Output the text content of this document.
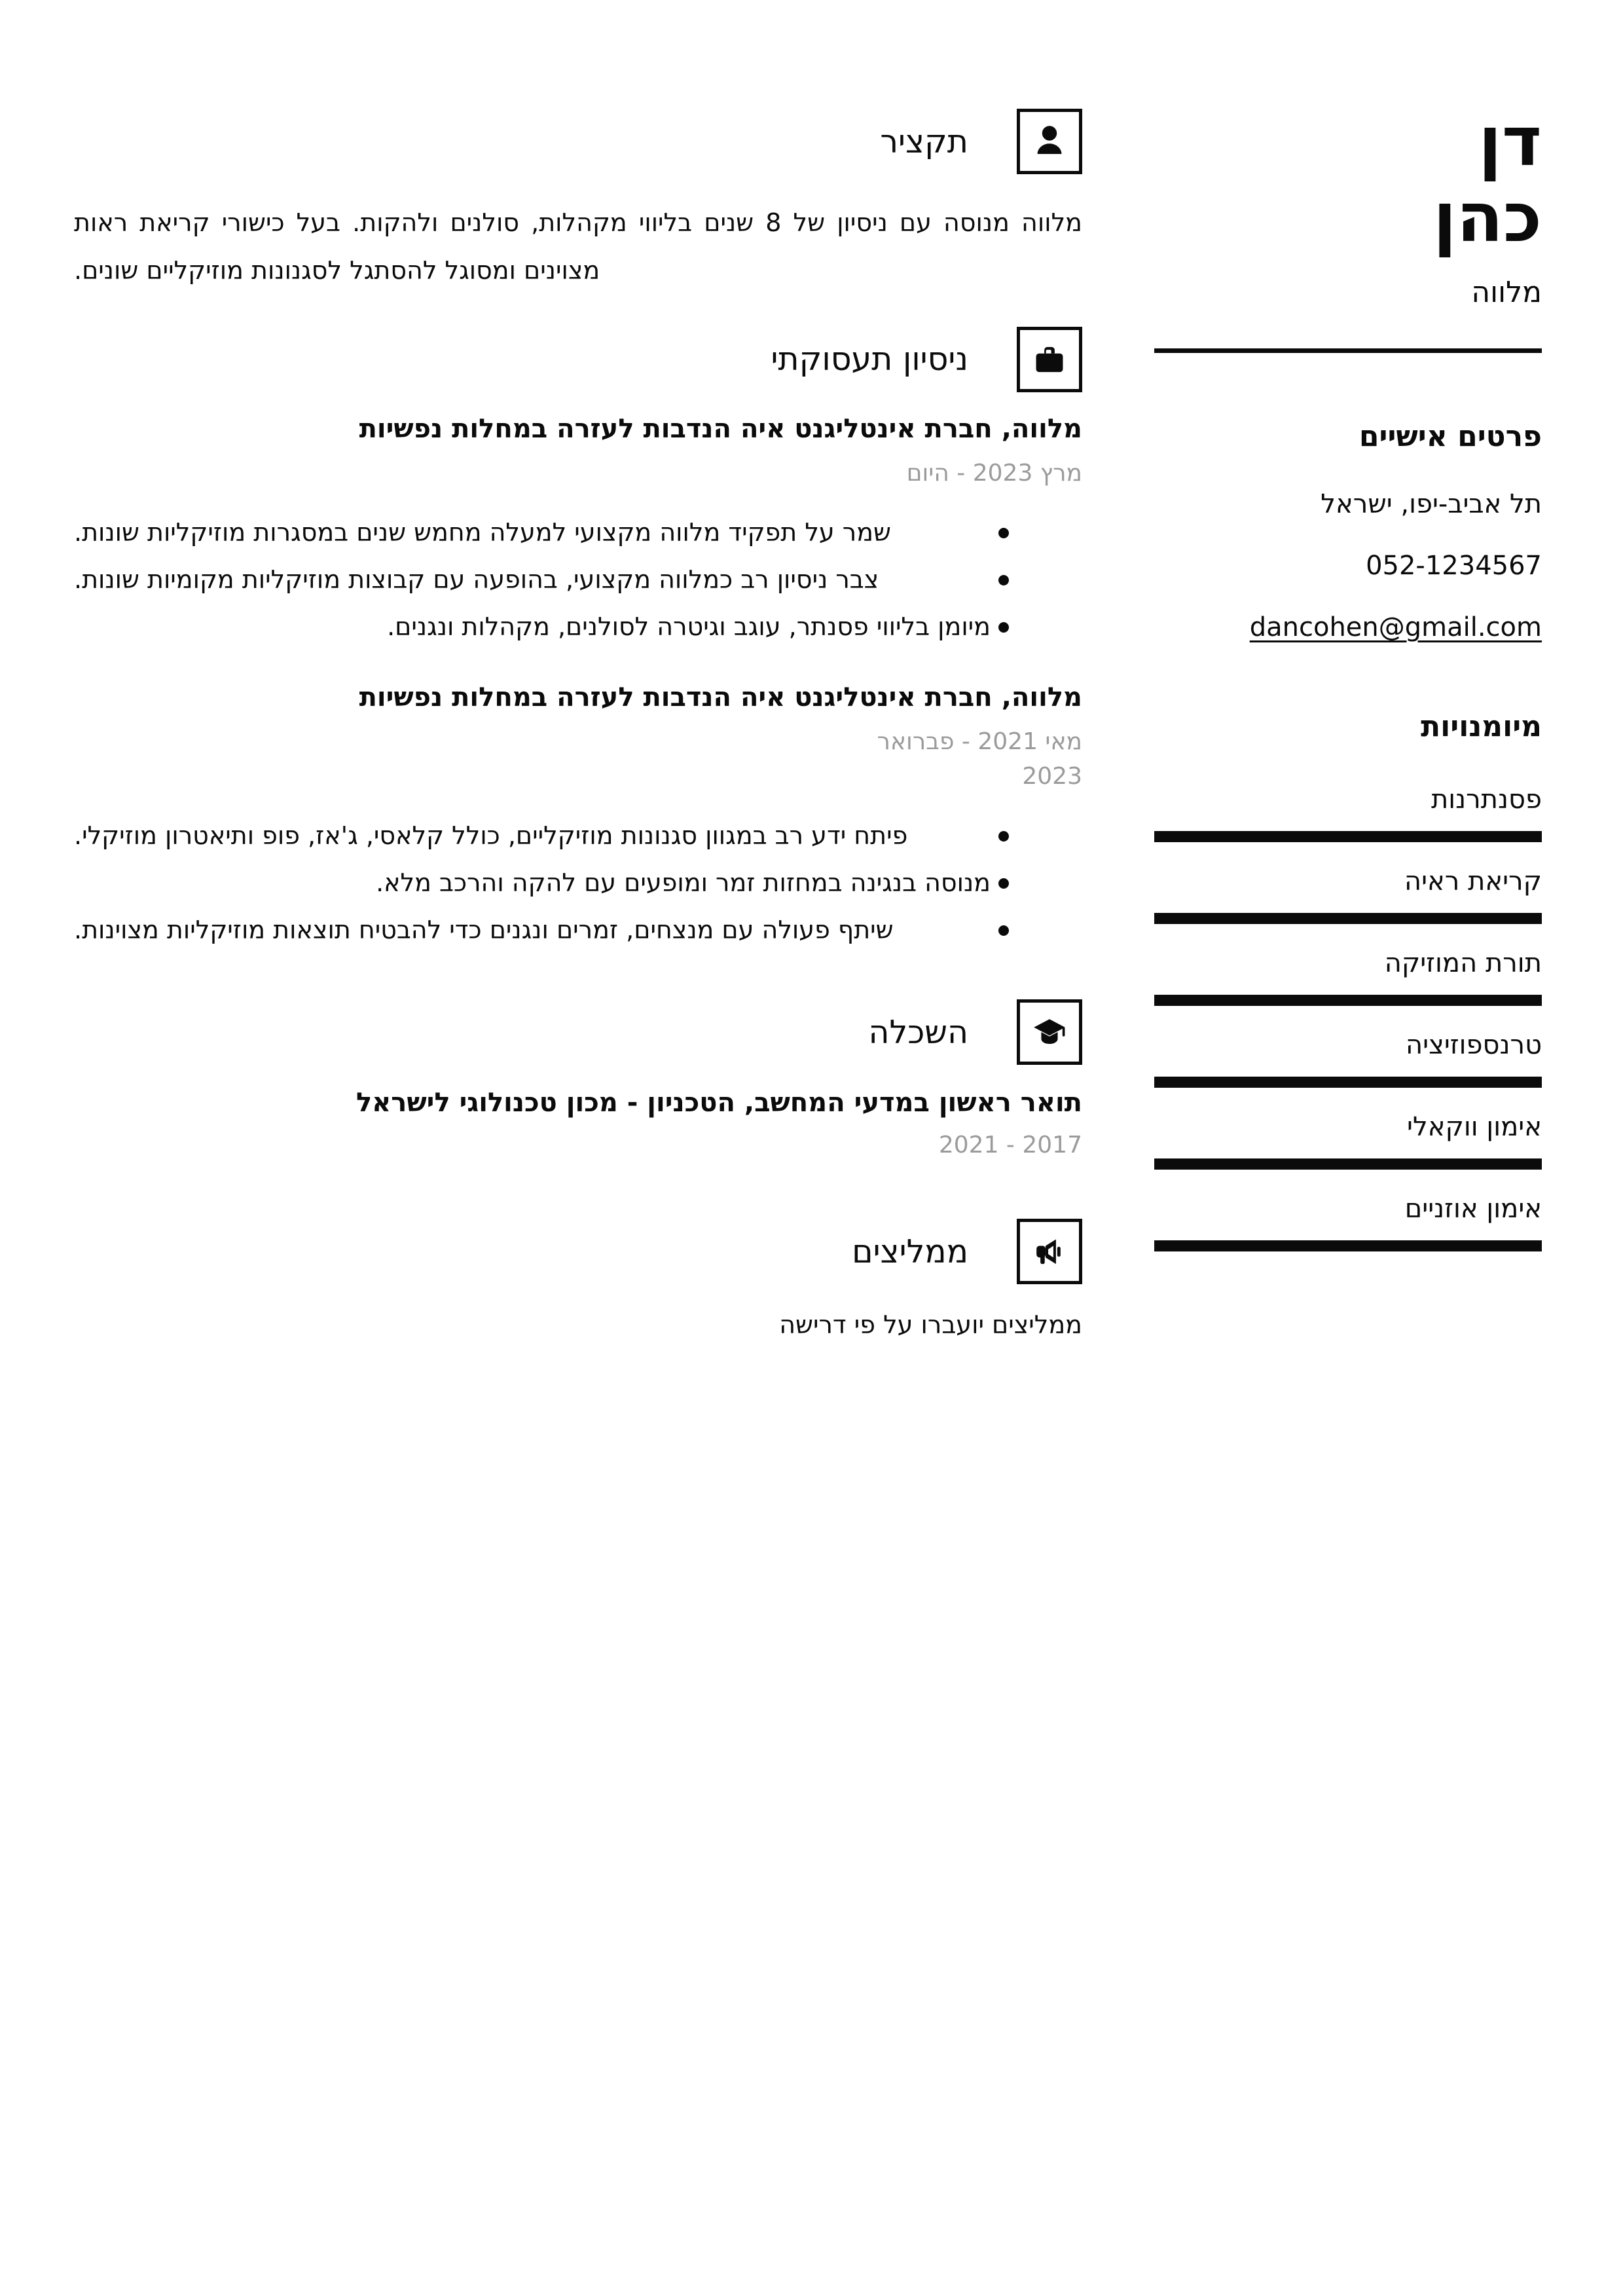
דן
כהן
מלווה
פרטים אישיים
תל אביב-יפו, ישראל
052-1234567
dancohen@gmail.com
מיומנויות
פסנתרנות
קריאת ראיה
תורת המוזיקה
טרנספוזיציה
אימון ווקאלי
אימון אוזניים
תקציר

מלווה מנוסה עם ניסיון של 8 שנים בליווי מקהלות, סולנים ולהקות. בעל כישורי קריאת ראות מצוינים ומסוגל להסתגל לסגנונות מוזיקליים שונים.

ניסיון תעסוקתי
מלווה, חברת אינטליגנט איה הנדבות לעזרה במחלות נפשיות
מרץ 2023 - היום
שמר על תפקיד מלווה מקצועי למעלה מחמש שנים במסגרות מוזיקליות שונות.
צבר ניסיון רב כמלווה מקצועי, בהופעה עם קבוצות מוזיקליות מקומיות שונות.
מיומן בליווי פסנתר, עוגב וגיטרה לסולנים, מקהלות ונגנים.
מלווה, חברת אינטליגנט איה הנדבות לעזרה במחלות נפשיות
מאי 2021 - פברואר 2023
פיתח ידע רב במגוון סגנונות מוזיקליים, כולל קלאסי, ג'אז, פופ ותיאטרון מוזיקלי.
מנוסה בנגינה במחזות זמר ומופעים עם להקה והרכב מלא.
שיתף פעולה עם מנצחים, זמרים ונגנים כדי להבטיח תוצאות מוזיקליות מצוינות.
השכלה
תואר ראשון במדעי המחשב, הטכניון - מכון טכנולוגי לישראל
2017 - 2021
ממליצים
ממליצים יועברו על פי דרישה
